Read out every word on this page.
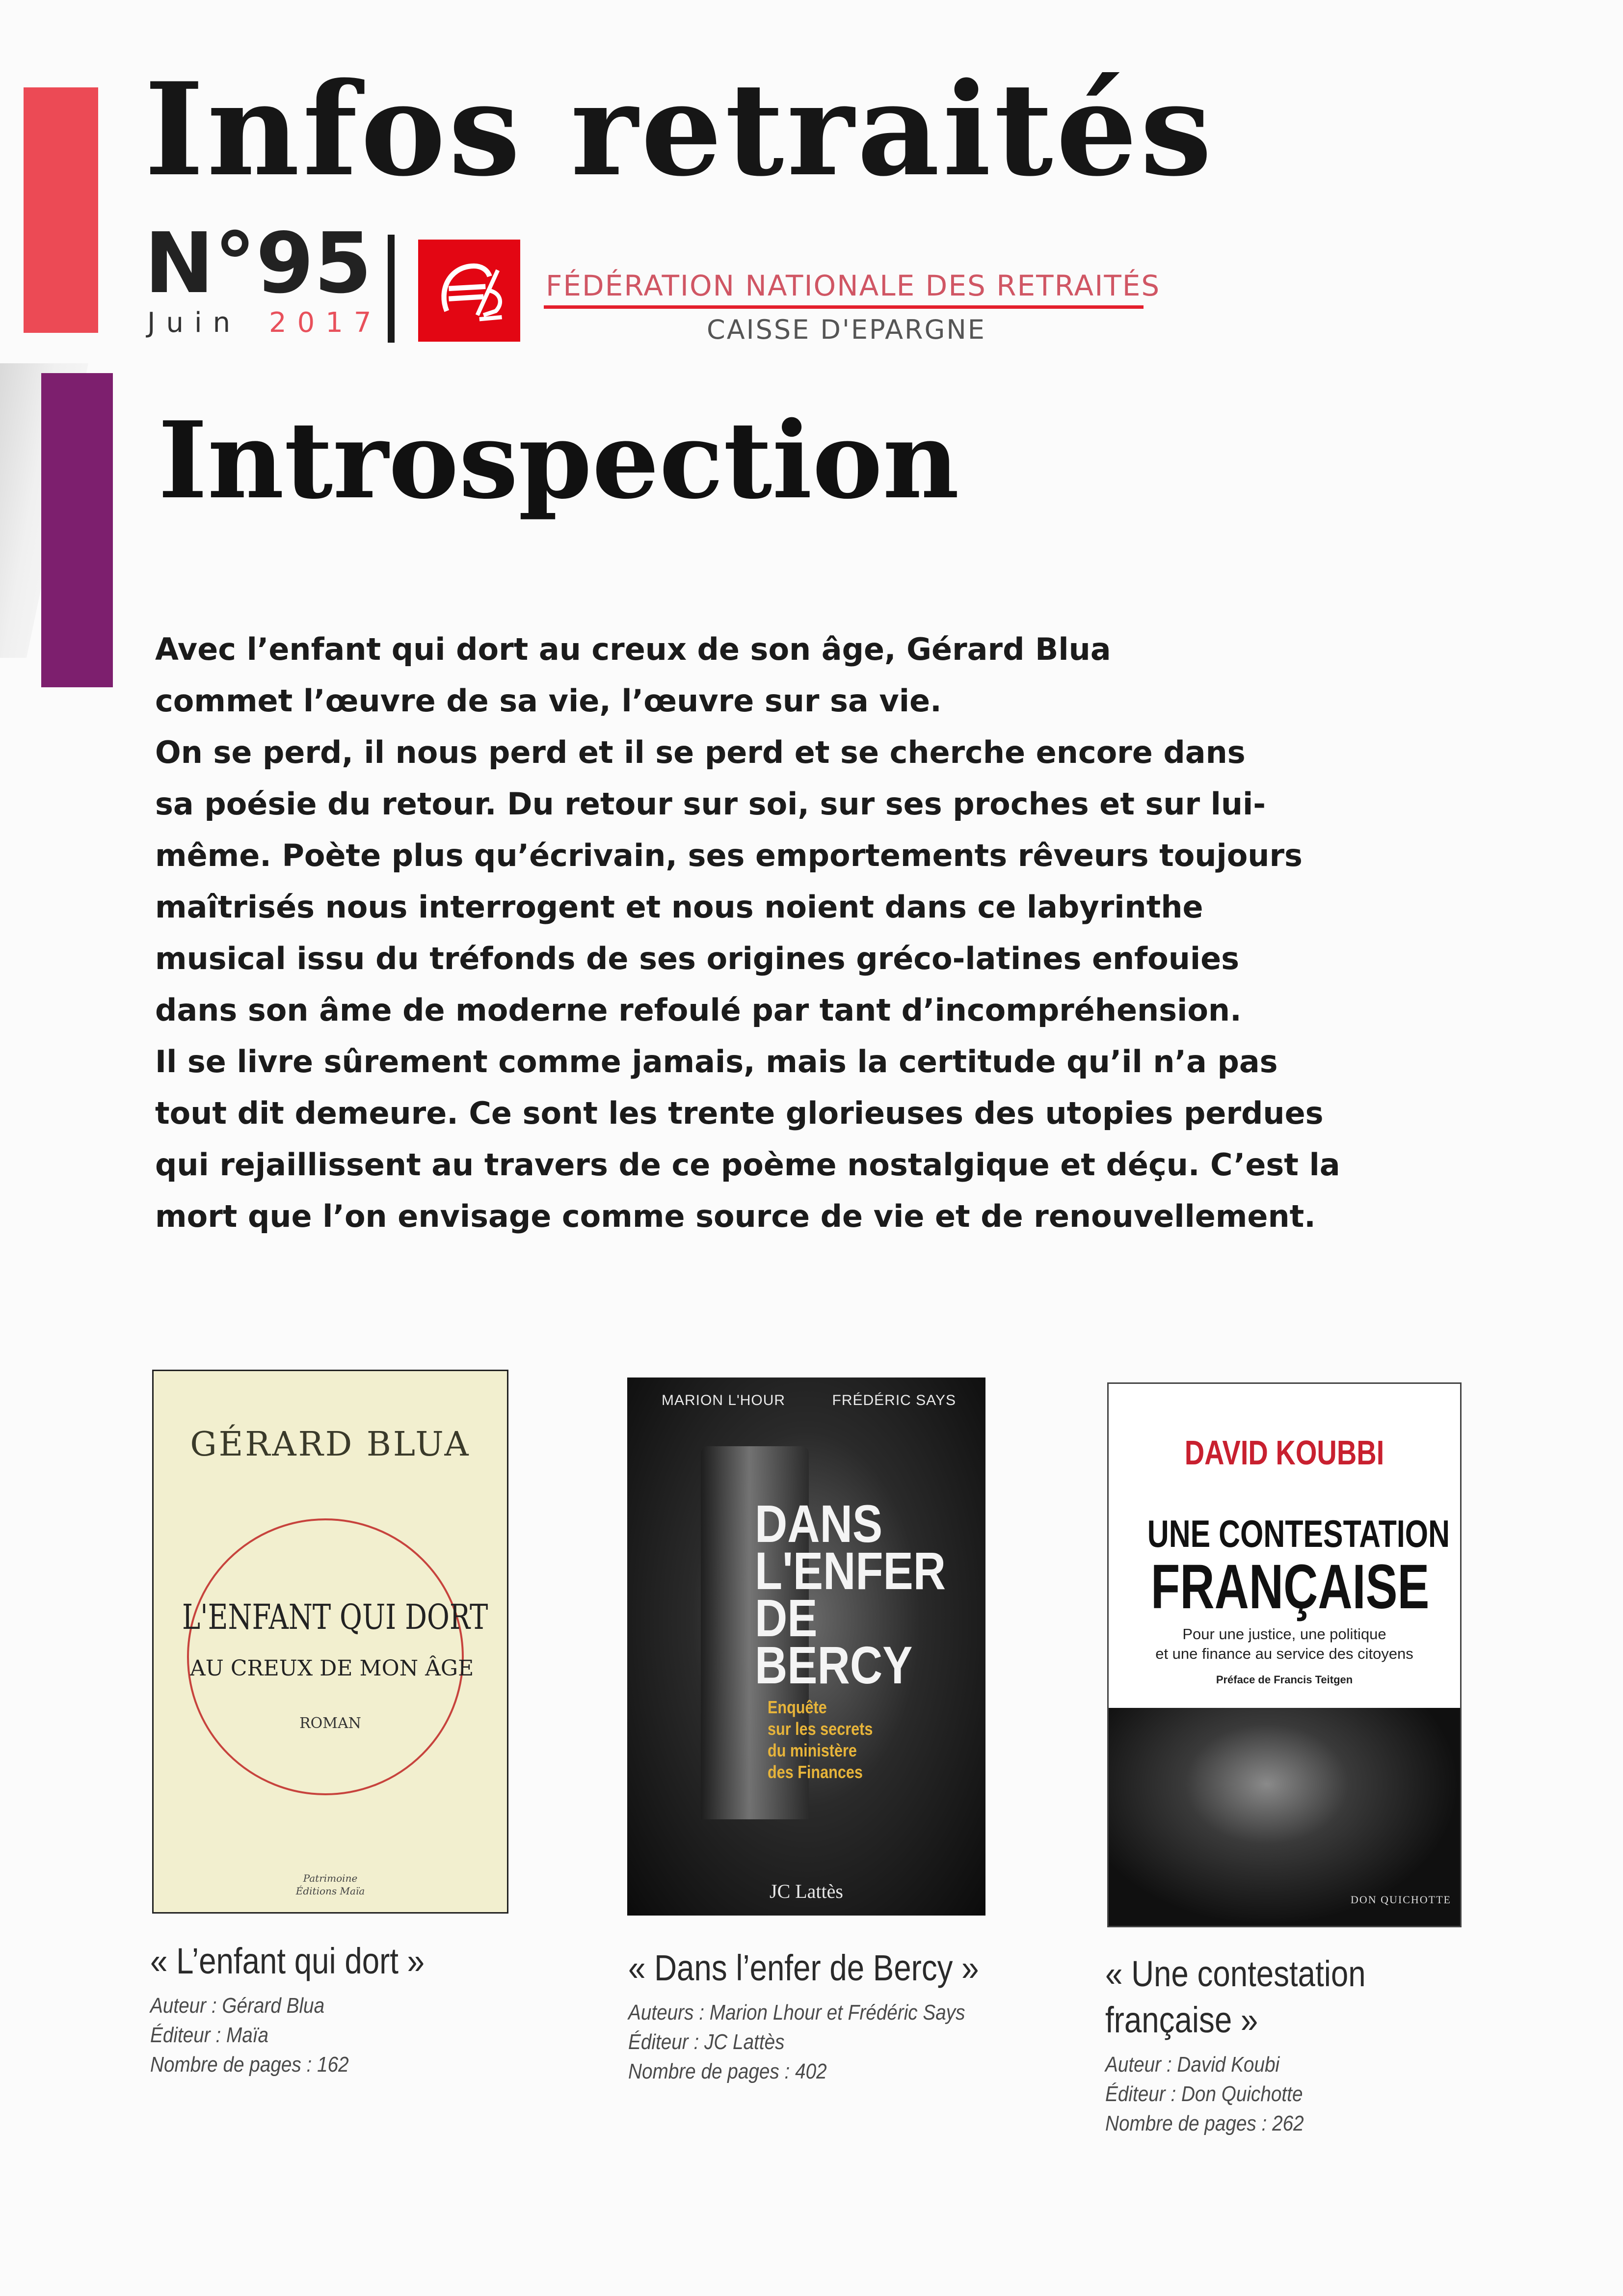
Infos retraités
N°95
Juin 2017
FÉDÉRATION NATIONALE DES RETRAITÉS
CAISSE D'EPARGNE
Introspection

Avec l’enfant qui dort au creux de son âge, Gérard Blua

commet l’œuvre de sa vie, l’œuvre sur sa vie.

On se perd, il nous perd et il se perd et se cherche encore dans

sa poésie du retour. Du retour sur soi, sur ses proches et sur lui-

même. Poète plus qu’écrivain, ses emportements rêveurs toujours

maîtrisés nous interrogent et nous noient dans ce labyrinthe

musical issu du tréfonds de ses origines gréco-latines enfouies

dans son âme de moderne refoulé par tant d’incompréhension.

Il se livre sûrement comme jamais, mais la certitude qu’il n’a pas

tout dit demeure. Ce sont les trente glorieuses des utopies perdues

qui rejaillissent au travers de ce poème nostalgique et déçu. C’est la

mort que l’on envisage comme source de vie et de renouvellement.

GÉRARD BLUA
L'ENFANT QUI DORT
AU CREUX DE MON ÂGE
ROMAN
Patrimoine
Éditions Maïa
« L’enfant qui dort »
Auteur : Gérard Blua
Éditeur : Maïa
Nombre de pages : 162
MARION L'HOUR	FRÉDÉRIC SAYS
DANS
L'ENFER
DE
BERCY
Enquête
sur les secrets
du ministère
des Finances
JC Lattès
« Dans l’enfer de Bercy »
Auteurs : Marion Lhour et Frédéric Says
Éditeur : JC Lattès
Nombre de pages : 402
DAVID KOUBBI
UNE CONTESTATION
FRANÇAISE
Pour une justice, une politique
et une finance au service des citoyens
Préface de Francis Teitgen
DON QUICHOTTE
« Une contestation
française »
Auteur : David Koubi
Éditeur : Don Quichotte
Nombre de pages : 262
